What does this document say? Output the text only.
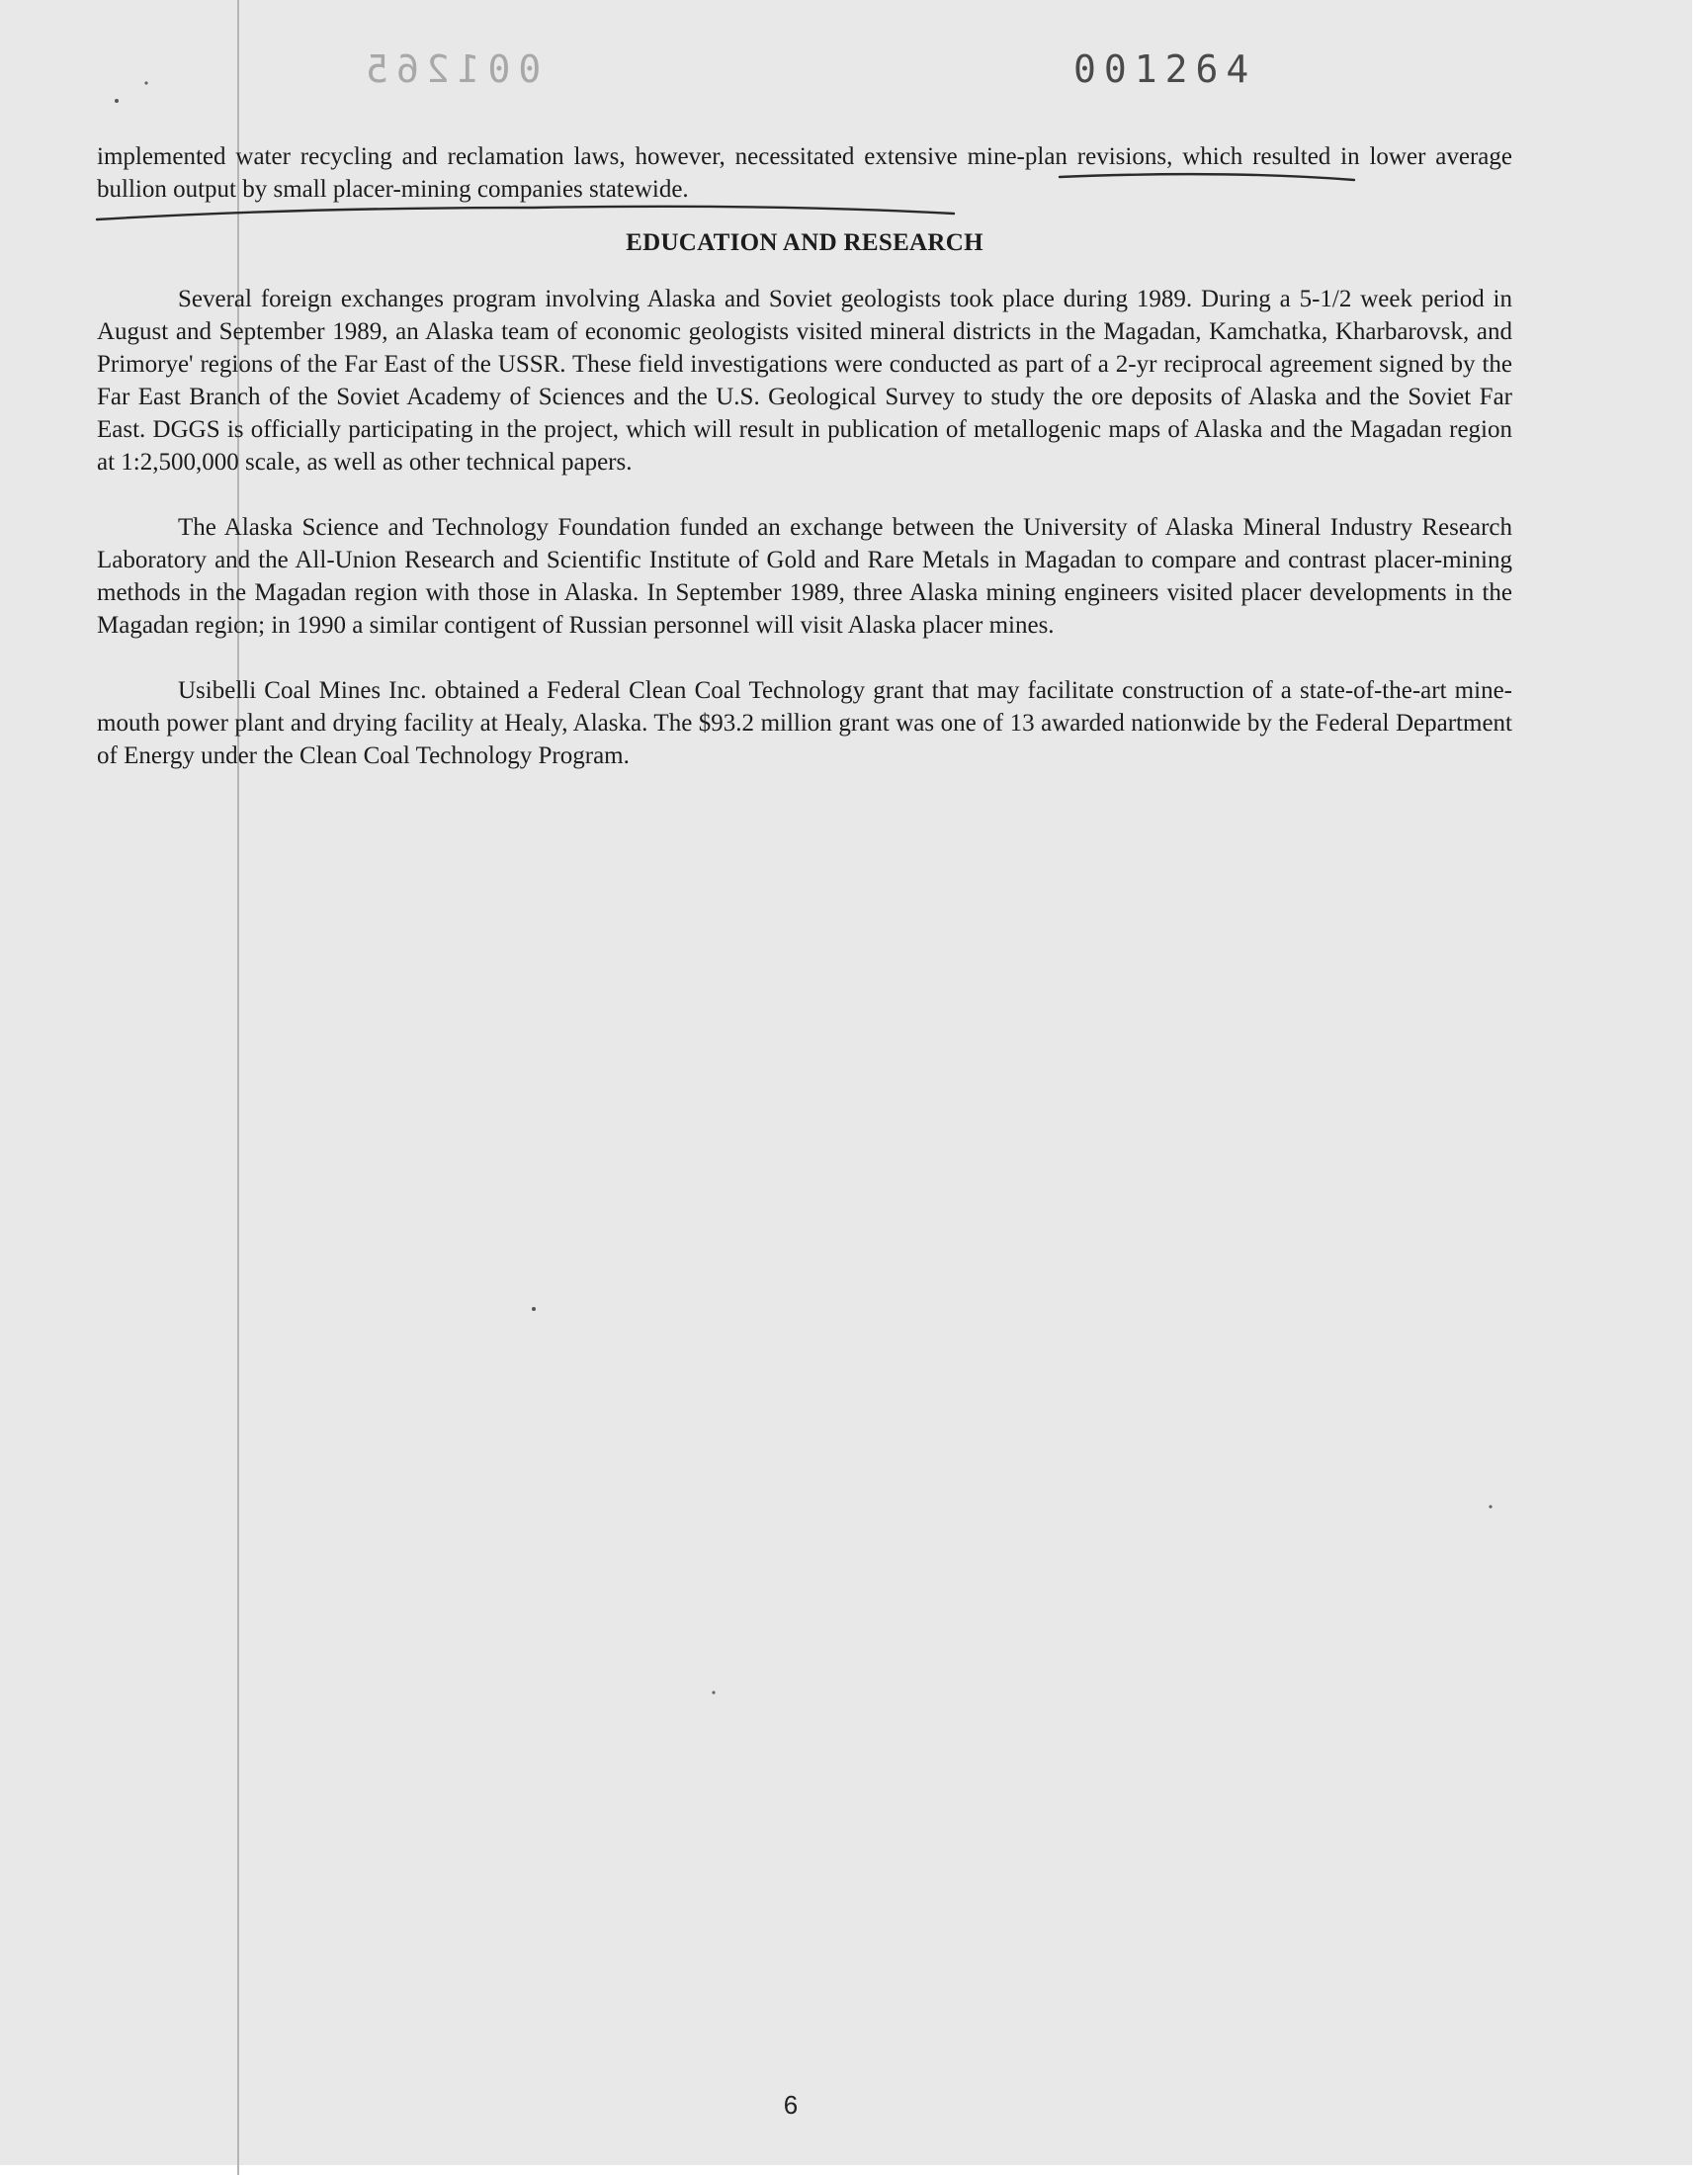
001265	001264

implemented water recycling and reclamation laws, however, necessitated extensive mine-plan revisions, which resulted in lower average bullion output by small placer-mining companies statewide.

EDUCATION AND RESEARCH

Several foreign exchanges program involving Alaska and Soviet geologists took place during 1989. During a 5-1/2 week period in August and September 1989, an Alaska team of economic geologists visited mineral districts in the Magadan, Kamchatka, Kharbarovsk, and Primorye' regions of the Far East of the USSR. These field investigations were conducted as part of a 2-yr reciprocal agreement signed by the Far East Branch of the Soviet Academy of Sciences and the U.S. Geological Survey to study the ore deposits of Alaska and the Soviet Far East. DGGS is officially participating in the project, which will result in publication of metallogenic maps of Alaska and the Magadan region at 1:2,500,000 scale, as well as other technical papers.

The Alaska Science and Technology Foundation funded an exchange between the University of Alaska Mineral Industry Research Laboratory and the All-Union Research and Scientific Institute of Gold and Rare Metals in Magadan to compare and contrast placer-mining methods in the Magadan region with those in Alaska. In September 1989, three Alaska mining engineers visited placer developments in the Magadan region; in 1990 a similar contigent of Russian personnel will visit Alaska placer mines.

Usibelli Coal Mines Inc. obtained a Federal Clean Coal Technology grant that may facilitate construction of a state-of-the-art mine-mouth power plant and drying facility at Healy, Alaska. The $93.2 million grant was one of 13 awarded nationwide by the Federal Department of Energy under the Clean Coal Technology Program.

6
